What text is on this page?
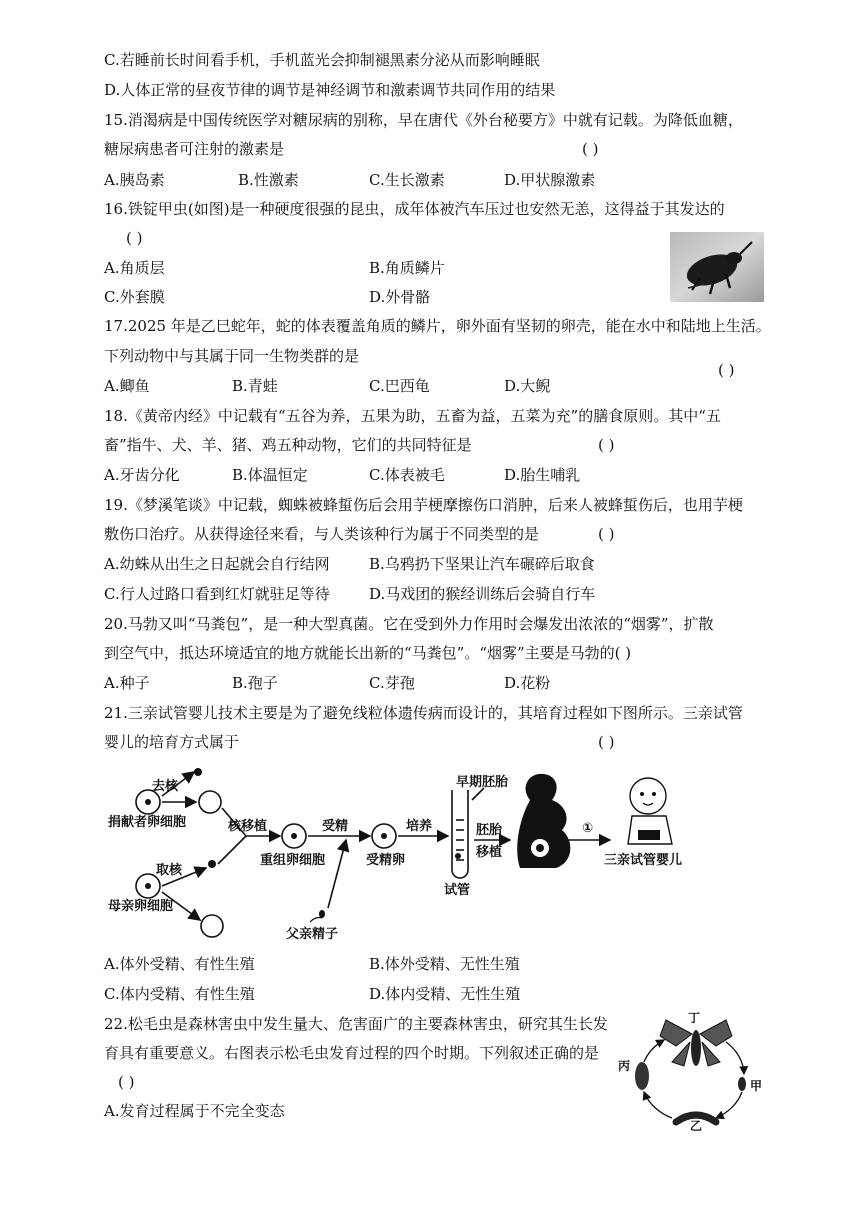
C.若睡前长时间看手机，手机蓝光会抑制褪黑素分泌从而影响睡眠
D.人体正常的昼夜节律的调节是神经调节和激素调节共同作用的结果
15.消渴病是中国传统医学对糖尿病的别称，早在唐代《外台秘要方》中就有记载。为降低血糖，
糖尿病患者可注射的激素是	( )
A.胰岛素	B.性激素	C.生长激素	D.甲状腺激素
16.铁锭甲虫(如图)是一种硬度很强的昆虫，成年体被汽车压过也安然无恙，这得益于其发达的
( )
A.角质层	B.角质鳞片
C.外套膜	D.外骨骼
17.2025 年是乙巳蛇年，蛇的体表覆盖角质的鳞片，卵外面有坚韧的卵壳，能在水中和陆地上生活。
下列动物中与其属于同一生物类群的是
( )
A.鲫鱼	B.青蛙	C.巴西龟	D.大鲵
18.《黄帝内经》中记载有“五谷为养，五果为助，五畜为益，五菜为充”的膳食原则。其中“五
畜”指牛、犬、羊、猪、鸡五种动物，它们的共同特征是	( )
A.牙齿分化	B.体温恒定	C.体表被毛	D.胎生哺乳
19.《梦溪笔谈》中记载，蜘蛛被蜂蜇伤后会用芋梗摩擦伤口消肿，后来人被蜂蜇伤后，也用芋梗
敷伤口治疗。从获得途径来看，与人类该种行为属于不同类型的是	( )
A.幼蛛从出生之日起就会自行结网	B.乌鸦扔下坚果让汽车碾碎后取食
C.行人过路口看到红灯就驻足等待	D.马戏团的猴经训练后会骑自行车
20.马勃又叫“马粪包”，是一种大型真菌。它在受到外力作用时会爆发出浓浓的“烟雾”，扩散
到空气中，抵达环境适宜的地方就能长出新的“马粪包”。“烟雾”主要是马勃的( )
A.种子	B.孢子	C.芽孢	D.花粉
21.三亲试管婴儿技术主要是为了避免线粒体遗传病而设计的，其培育过程如下图所示。三亲试管
婴儿的培育方式属于	( )
去核
捐献者卵细胞	核移植
重组卵细胞
受精
受精卵
培养
早期胚胎
胚胎
移植
试管
①
三亲试管婴儿
取核
母亲卵细胞
父亲精子
A.体外受精、有性生殖	B.体外受精、无性生殖
C.体内受精、有性生殖	D.体内受精、无性生殖
22.松毛虫是森林害虫中发生量大、危害面广的主要森林害虫，研究其生长发
育具有重要意义。右图表示松毛虫发育过程的四个时期。下列叙述正确的是
( )
A.发育过程属于不完全变态
丁
甲
乙
丙
